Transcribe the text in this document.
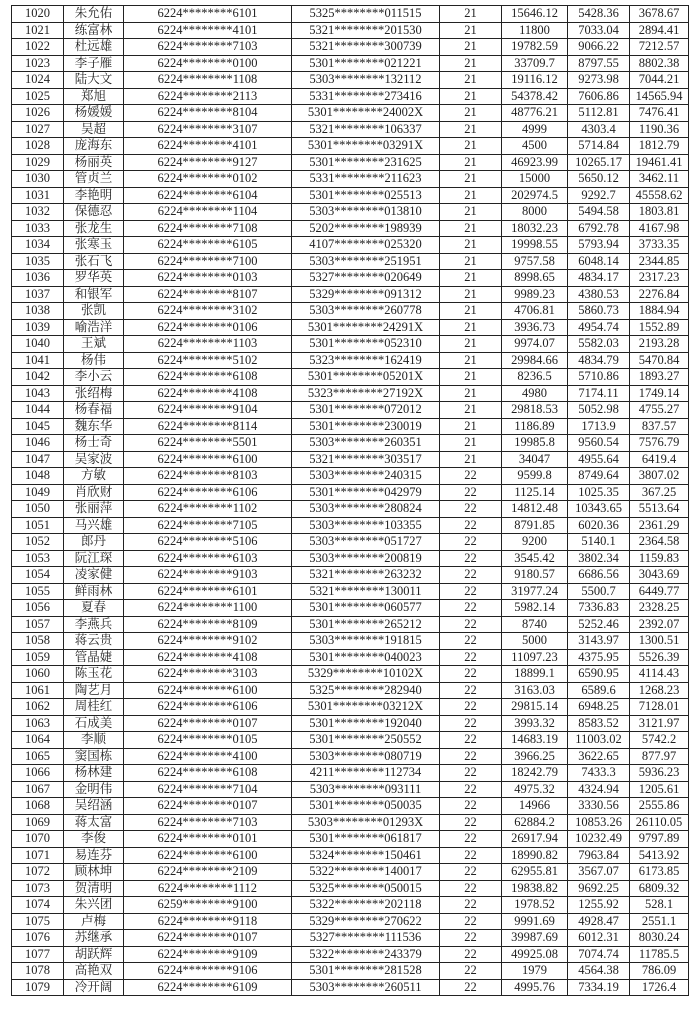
1020	朱允佑	6224********6101	5325********011515	21	15646.12	5428.36	3678.67
1021	练富林	6224********4101	5321********201530	21	11800	7033.04	2894.41
1022	杜远雄	6224********7103	5321********300739	21	19782.59	9066.22	7212.57
1023	李子雁	6224********0100	5301********021221	21	33709.7	8797.55	8802.38
1024	陆大文	6224********1108	5303********132112	21	19116.12	9273.98	7044.21
1025	郑旭	6224********2113	5331********273416	21	54378.42	7606.86	14565.94
1026	杨媛媛	6224********8104	5301********24002X	21	48776.21	5112.81	7476.41
1027	吴超	6224********3107	5321********106337	21	4999	4303.4	1190.36
1028	庞海东	6224********4101	5301********03291X	21	4500	5714.84	1812.79
1029	杨丽英	6224********9127	5301********231625	21	46923.99	10265.17	19461.41
1030	管贞兰	6224********0102	5331********211623	21	15000	5650.12	3462.11
1031	李艳明	6224********6104	5301********025513	21	202974.5	9292.7	45558.62
1032	保德忍	6224********1104	5303********013810	21	8000	5494.58	1803.81
1033	张龙生	6224********7108	5202********198939	21	18032.23	6792.78	4167.98
1034	张寒玉	6224********6105	4107********025320	21	19998.55	5793.94	3733.35
1035	张石飞	6224********7100	5303********251951	21	9757.58	6048.14	2344.85
1036	罗华英	6224********0103	5327********020649	21	8998.65	4834.17	2317.23
1037	和银军	6224********8107	5329********091312	21	9989.23	4380.53	2276.84
1038	张凯	6224********3102	5303********260778	21	4706.81	5860.73	1884.94
1039	喻浩洋	6224********0106	5301********24291X	21	3936.73	4954.74	1552.89
1040	王斌	6224********1103	5301********052310	21	9974.07	5582.03	2193.28
1041	杨伟	6224********5102	5323********162419	21	29984.66	4834.79	5470.84
1042	李小云	6224********6108	5301********05201X	21	8236.5	5710.86	1893.27
1043	张绍梅	6224********4108	5323********27192X	21	4980	7174.11	1749.14
1044	杨春福	6224********9104	5301********072012	21	29818.53	5052.98	4755.27
1045	魏东华	6224********8114	5301********230019	21	1186.89	1713.9	837.57
1046	杨士奇	6224********5501	5303********260351	21	19985.8	9560.54	7576.79
1047	吴家波	6224********6100	5321********303517	21	34047	4955.64	6419.4
1048	方敏	6224********8103	5303********240315	22	9599.8	8749.64	3807.02
1049	肖欣财	6224********6106	5301********042979	22	1125.14	1025.35	367.25
1050	张丽萍	6224********1102	5303********280824	22	14812.48	10343.65	5513.64
1051	马兴雄	6224********7105	5303********103355	22	8791.85	6020.36	2361.29
1052	郎丹	6224********5106	5303********051727	22	9200	5140.1	2364.58
1053	阮江琛	6224********6103	5303********200819	22	3545.42	3802.34	1159.83
1054	凌家健	6224********9103	5321********263232	22	9180.57	6686.56	3043.69
1055	鲜雨林	6224********6101	5321********130011	22	31977.24	5500.7	6449.77
1056	夏春	6224********1100	5301********060577	22	5982.14	7336.83	2328.25
1057	李燕兵	6224********8109	5301********265212	22	8740	5252.46	2392.07
1058	蒋云贵	6224********9102	5303********191815	22	5000	3143.97	1300.51
1059	管晶婕	6224********4108	5301********040023	22	11097.23	4375.95	5526.39
1060	陈玉花	6224********3103	5329********10102X	22	18899.1	6590.95	4114.43
1061	陶艺月	6224********6100	5325********282940	22	3163.03	6589.6	1268.23
1062	周桂红	6224********6106	5301********03212X	22	29815.14	6948.25	7128.01
1063	石成美	6224********0107	5301********192040	22	3993.32	8583.52	3121.97
1064	李顺	6224********0105	5301********250552	22	14683.19	11003.02	5742.2
1065	窦国栋	6224********4100	5303********080719	22	3966.25	3622.65	877.97
1066	杨林建	6224********6108	4211********112734	22	18242.79	7433.3	5936.23
1067	金明伟	6224********7104	5303********093111	22	4975.32	4324.94	1205.61
1068	吴绍涵	6224********0107	5301********050035	22	14966	3330.56	2555.86
1069	蒋太富	6224********7103	5303********01293X	22	62884.2	10853.26	26110.05
1070	李俊	6224********0101	5301********061817	22	26917.94	10232.49	9797.89
1071	易连芬	6224********6100	5324********150461	22	18990.82	7963.84	5413.92
1072	顾林坤	6224********2109	5322********140017	22	62955.81	3567.07	6173.85
1073	贺清明	6224********1112	5325********050015	22	19838.82	9692.25	6809.32
1074	朱兴团	6259********9100	5322********202118	22	1978.52	1255.92	528.1
1075	卢梅	6224********9118	5329********270622	22	9991.69	4928.47	2551.1
1076	苏继承	6224********0107	5327********111536	22	39987.69	6012.31	8030.24
1077	胡跃辉	6224********9109	5322********243379	22	49925.08	7074.74	11785.5
1078	高艳双	6224********9106	5301********281528	22	1979	4564.38	786.09
1079	冷开阔	6224********6109	5303********260511	22	4995.76	7334.19	1726.4
